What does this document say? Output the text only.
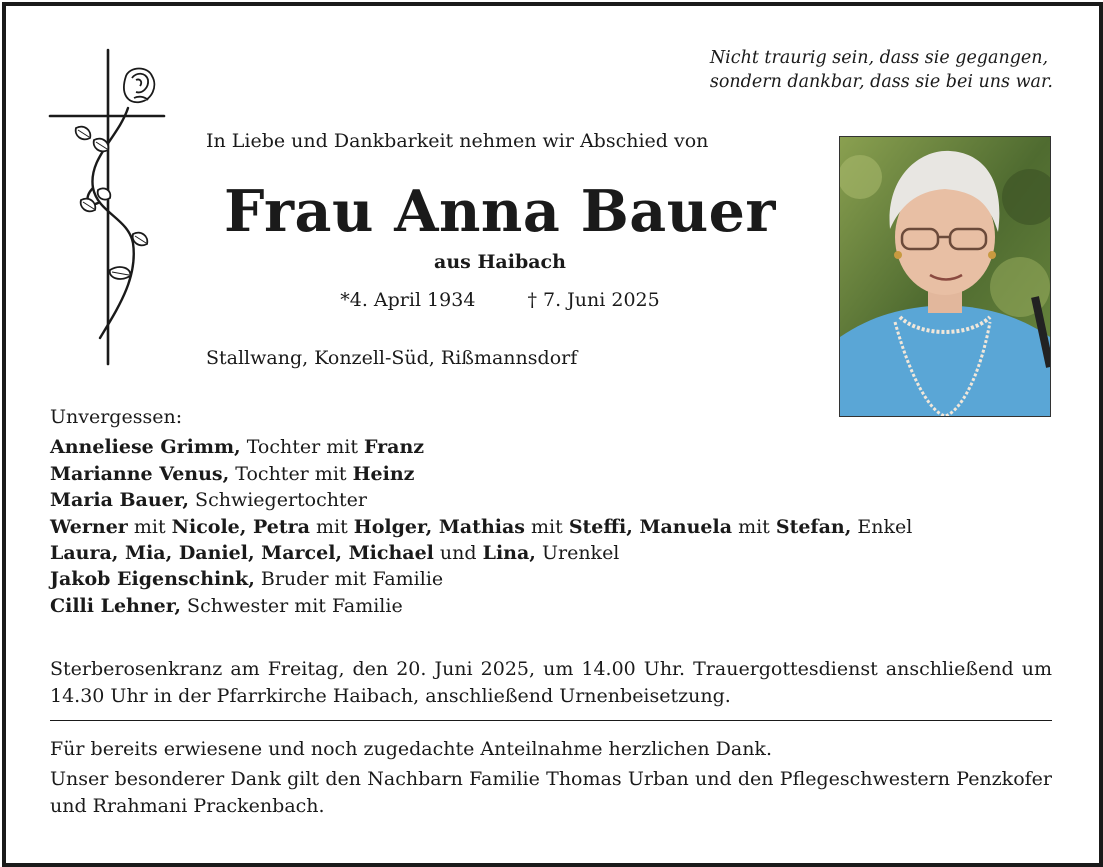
Nicht traurig sein, dass sie gegangen,
sondern dankbar, dass sie bei uns war.
In Liebe und Dankbarkeit nehmen wir Abschied von
Frau Anna Bauer
aus Haibach
*4. April 1934	† 7. Juni 2025
Stallwang, Konzell-Süd, Rißmannsdorf
Unvergessen:
Anneliese Grimm, Tochter mit Franz
Marianne Venus, Tochter mit Heinz
Maria Bauer, Schwiegertochter
Werner mit Nicole, Petra mit Holger, Mathias mit Steffi, Manuela mit Stefan, Enkel
Laura, Mia, Daniel, Marcel, Michael und Lina, Urenkel
Jakob Eigenschink, Bruder mit Familie
Cilli Lehner, Schwester mit Familie
Sterberosenkranz am Freitag, den 20. Juni 2025, um 14.00 Uhr. Trauergottesdienst anschließend um 14.30 Uhr in der Pfarrkirche Haibach, anschließend Urnenbeisetzung.

Für bereits erwiesene und noch zugedachte Anteilnahme herzlichen Dank.

Unser besonderer Dank gilt den Nachbarn Familie Thomas Urban und den Pflegeschwestern Penzkofer und Rrahmani Prackenbach.
